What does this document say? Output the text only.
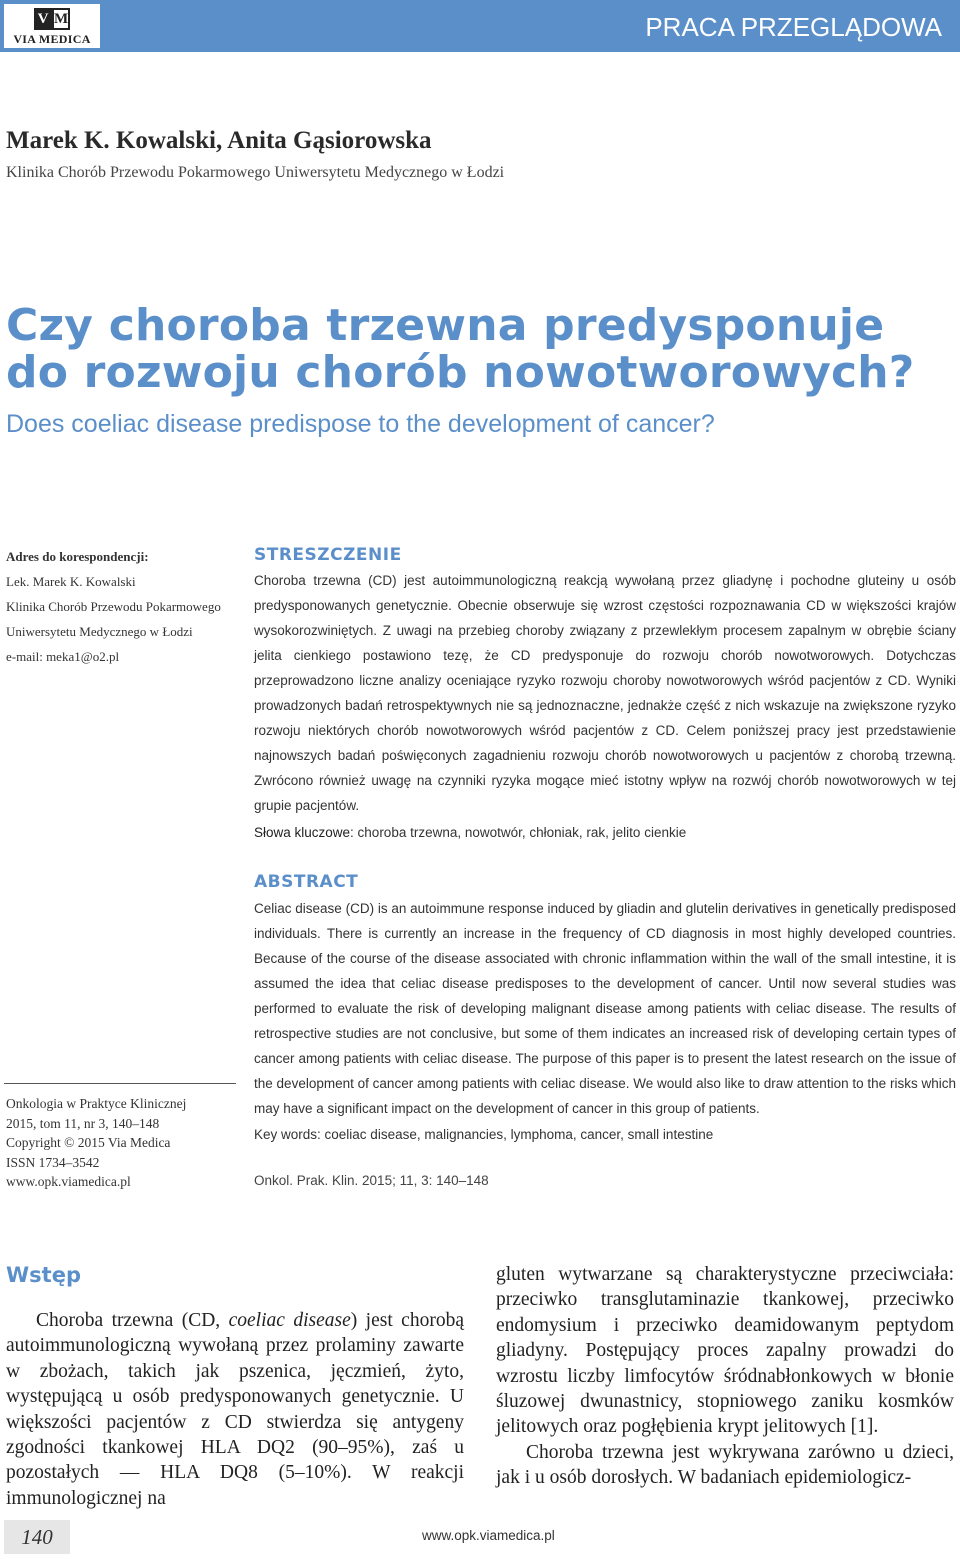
V M
VIA MEDICA	PRACA PRZEGLĄDOWA
Marek K. Kowalski, Anita Gąsiorowska
Klinika Chorób Przewodu Pokarmowego Uniwersytetu Medycznego w Łodzi
Czy choroba trzewna predysponuje
do rozwoju chorób nowotworowych?
Does coeliac disease predispose to the development of cancer?
Adres do korespondencji:
Lek. Marek K. Kowalski
Klinika Chorób Przewodu Pokarmowego
Uniwersytetu Medycznego w Łodzi
e-mail: meka1@o2.pl
STRESZCZENIE
Choroba trzewna (CD) jest autoimmunologiczną reakcją wywołaną przez gliadynę i pochodne gluteiny u osób predysponowanych genetycznie. Obecnie obserwuje się wzrost częstości rozpoznawania CD w większości krajów wysokorozwiniętych. Z uwagi na przebieg choroby związany z przewlekłym procesem zapalnym w obrębie ściany jelita cienkiego postawiono tezę, że CD predysponuje do rozwoju chorób nowotworowych. Dotychczas przeprowadzono liczne analizy oceniające ryzyko rozwoju choroby nowotworowych wśród pacjentów z CD. Wyniki prowadzonych badań retrospektywnych nie są jednoznaczne, jednakże część z nich wskazuje na zwiększone ryzyko rozwoju niektórych chorób nowotworowych wśród pacjentów z CD. Celem poniższej pracy jest przedstawienie najnowszych badań poświęconych zagadnieniu rozwoju chorób nowotworowych u pacjentów z chorobą trzewną. Zwrócono również uwagę na czynniki ryzyka mogące mieć istotny wpływ na rozwój chorób nowotworowych w tej grupie pacjentów.
Słowa kluczowe: choroba trzewna, nowotwór, chłoniak, rak, jelito cienkie
ABSTRACT
Celiac disease (CD) is an autoimmune response induced by gliadin and glutelin derivatives in genetically predisposed individuals. There is currently an increase in the frequency of CD diagnosis in most highly developed countries. Because of the course of the disease associated with chronic inflammation within the wall of the small intestine, it is assumed the idea that celiac disease predisposes to the development of cancer. Until now several studies was performed to evaluate the risk of developing malignant disease among patients with celiac disease. The results of retrospective studies are not conclusive, but some of them indicates an increased risk of developing certain types of cancer among patients with celiac disease. The purpose of this paper is to present the latest research on the issue of the development of cancer among patients with celiac disease. We would also like to draw attention to the risks which may have a significant impact on the development of cancer in this group of patients.
Key words: coeliac disease, malignancies, lymphoma, cancer, small intestine
Onkol. Prak. Klin. 2015; 11, 3: 140–148
Onkologia w Praktyce Klinicznej
2015, tom 11, nr 3, 140–148
Copyright © 2015 Via Medica
ISSN 1734–3542
www.opk.viamedica.pl
Wstęp

Choroba trzewna (CD, coeliac disease) jest chorobą autoimmunologiczną wywołaną przez prolaminy zawarte w zbożach, takich jak pszenica, jęczmień, żyto, występującą u osób predysponowanych genetycznie. U większości pacjentów z CD stwierdza się antygeny zgodności tkankowej HLA DQ2 (90–95%), zaś u pozostałych — HLA DQ8 (5–10%). W reakcji immunologicznej na

gluten wytwarzane są charakterystyczne przeciwciała: przeciwko transglutaminazie tkankowej, przeciwko endomysium i przeciwko deamidowanym peptydom gliadyny. Postępujący proces zapalny prowadzi do wzrostu liczby limfocytów śródnabłonkowych w błonie śluzowej dwunastnicy, stopniowego zaniku kosmków jelitowych oraz pogłębienia krypt jelitowych [1].

Choroba trzewna jest wykrywana zarówno u dzieci, jak i u osób dorosłych. W badaniach epidemiologicz-

140	www.opk.viamedica.pl
